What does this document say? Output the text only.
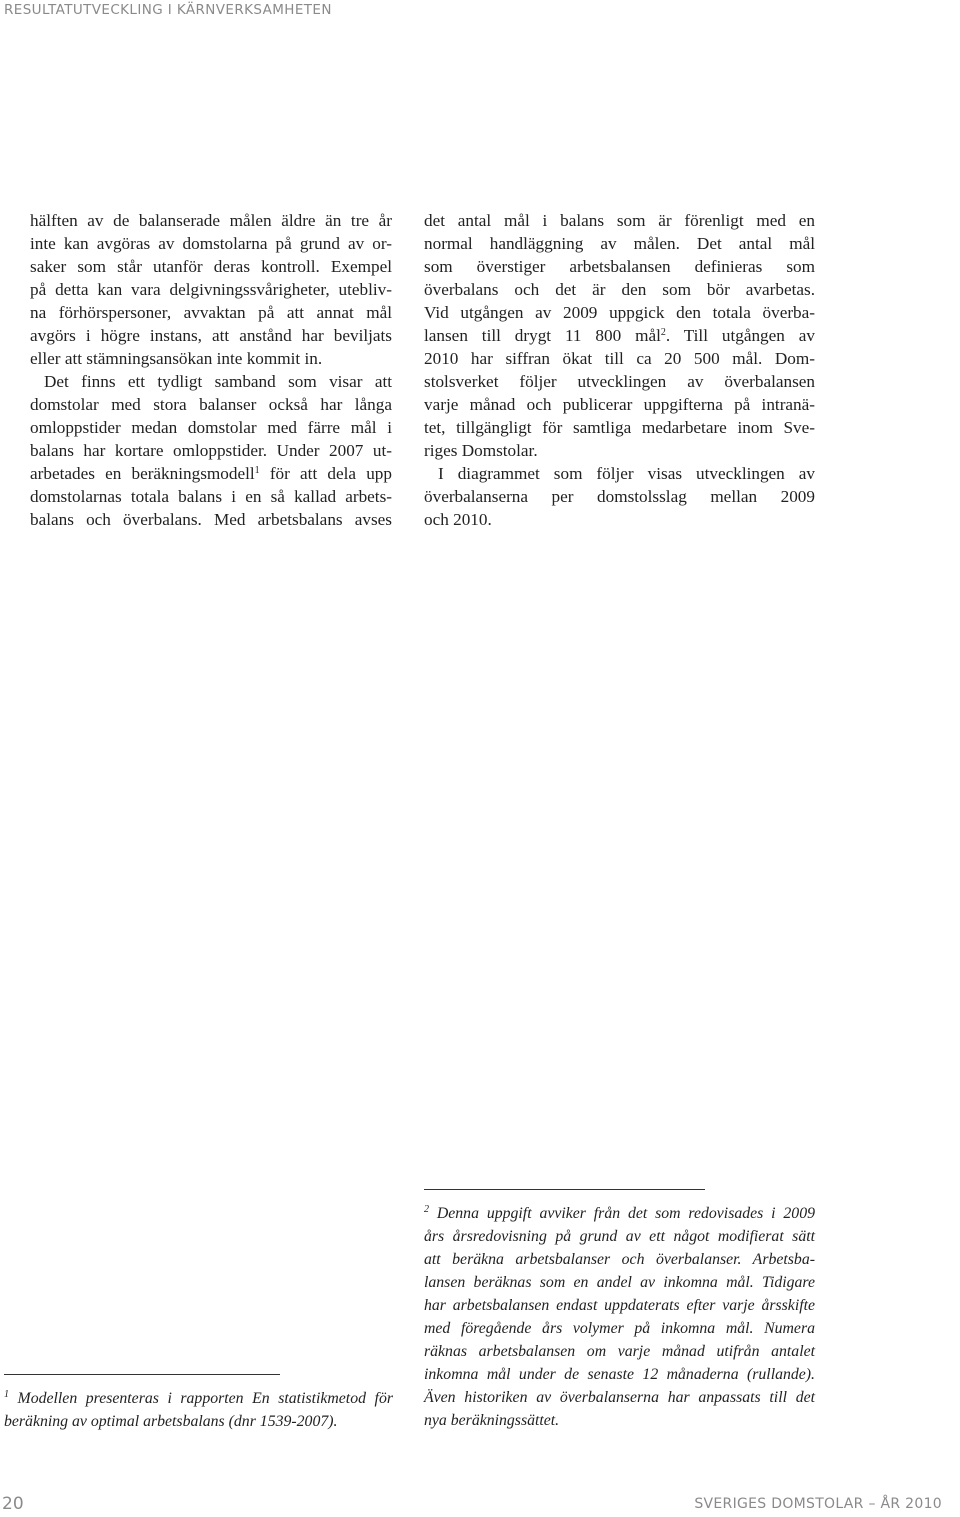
RESULTATUTVECKLING I KÄRNVERKSAMHETEN
hälften av de balanserade målen äldre än tre år
inte kan avgöras av domstolarna på grund av or-
saker som står utanför deras kontroll. Exempel
på detta kan vara delgivningssvårigheter, utebliv-
na förhörspersoner, avvaktan på att annat mål
avgörs i högre instans, att anstånd har beviljats
eller att stämningsansökan inte kommit in.
Det finns ett tydligt samband som visar att
domstolar med stora balanser också har långa
omloppstider medan domstolar med färre mål i
balans har kortare omloppstider. Under 2007 ut-
arbetades en beräkningsmodell$^1$ för att dela upp
domstolarnas totala balans i en så kallad arbets-
balans och överbalans. Med arbetsbalans avses
det antal mål i balans som är förenligt med en
normal handläggning av målen. Det antal mål
som överstiger arbetsbalansen definieras som
överbalans och det är den som bör avarbetas.
Vid utgången av 2009 uppgick den totala överba-
lansen till drygt 11 800 mål$^2$. Till utgången av
2010 har siffran ökat till ca 20 500 mål. Dom-
stolsverket följer utvecklingen av överbalansen
varje månad och publicerar uppgifterna på intranä-
tet, tillgängligt för samtliga medarbetare inom Sve-
riges Domstolar.
I diagrammet som följer visas utvecklingen av
överbalanserna per domstolsslag mellan 2009
och 2010.
$^2$ Denna uppgift avviker från det som redovisades i 2009
års årsredovisning på grund av ett något modifierat sätt
att beräkna arbetsbalanser och överbalanser. Arbetsba-
lansen beräknas som en andel av inkomna mål. Tidigare
har arbetsbalansen endast uppdaterats efter varje årsskifte
med föregående års volymer på inkomna mål. Numera
räknas arbetsbalansen om varje månad utifrån antalet
inkomna mål under de senaste 12 månaderna (rullande).
Även historiken av överbalanserna har anpassats till det
nya beräkningssättet.
$^1$ Modellen presenteras i rapporten En statistikmetod för
beräkning av optimal arbetsbalans (dnr 1539-2007).
20	SVERIGES DOMSTOLAR – ÅR 2010
